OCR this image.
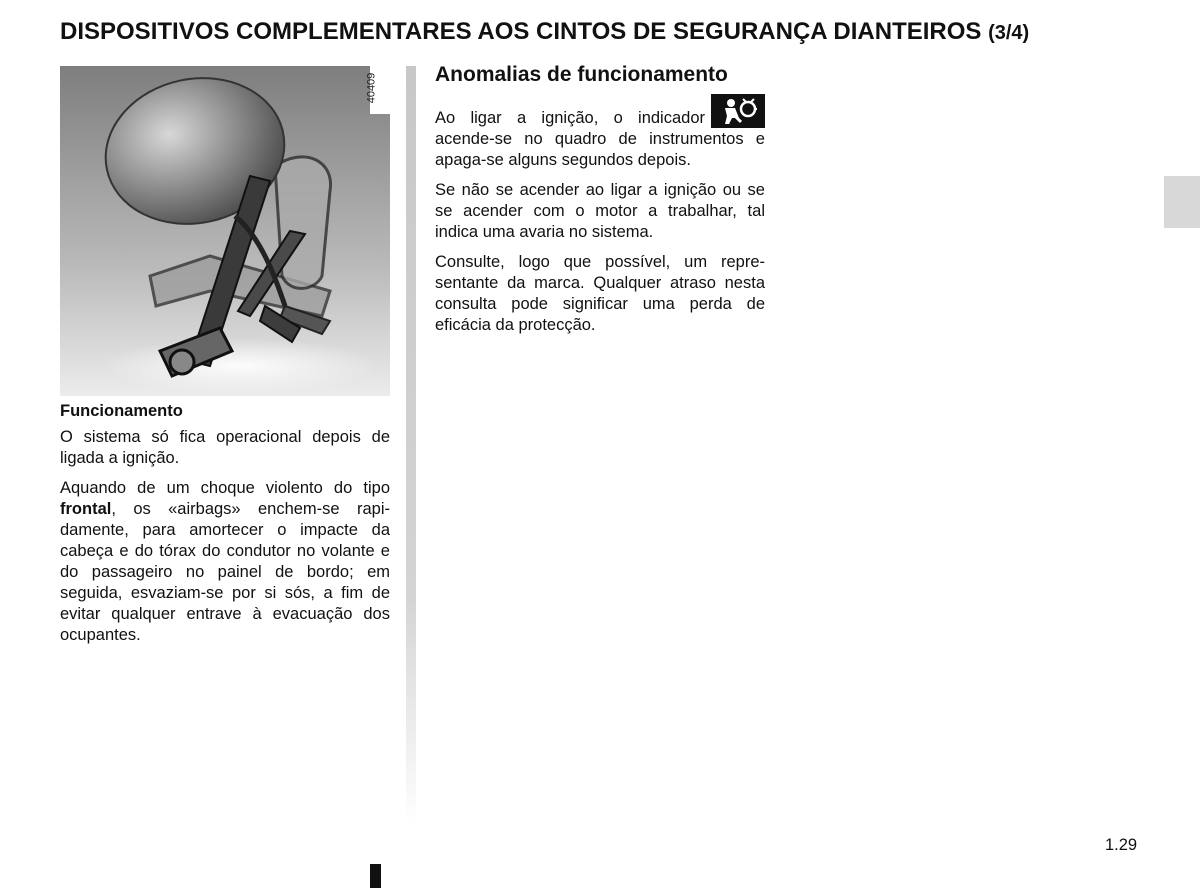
DISPOSITIVOS COMPLEMENTARES AOS CINTOS DE SEGURANÇA DIANTEIROS (3/4)
40409
Funcionamento

O sistema só fica operacional depois de ligada a ignição.

Aquando de um choque violento do tipo frontal, os «airbags» enchem-se rapidamente, para amortecer o impacte da cabeça e do tórax do condutor no volante e do passageiro no painel de bordo; em seguida, esvaziam-se por si sós, a fim de evitar qualquer entrave à evacuação dos ocupantes.

Anomalias de funcionamento

Ao ligar a ignição, o indicador acende-se no quadro de instrumentos e apaga-se alguns segundos depois.

Se não se acender ao ligar a ignição ou se se acender com o motor a trabalhar, tal indica uma avaria no sistema.

Consulte, logo que possível, um representante da marca. Qualquer atraso nesta consulta pode significar uma perda de eficácia da protecção.

1.29
